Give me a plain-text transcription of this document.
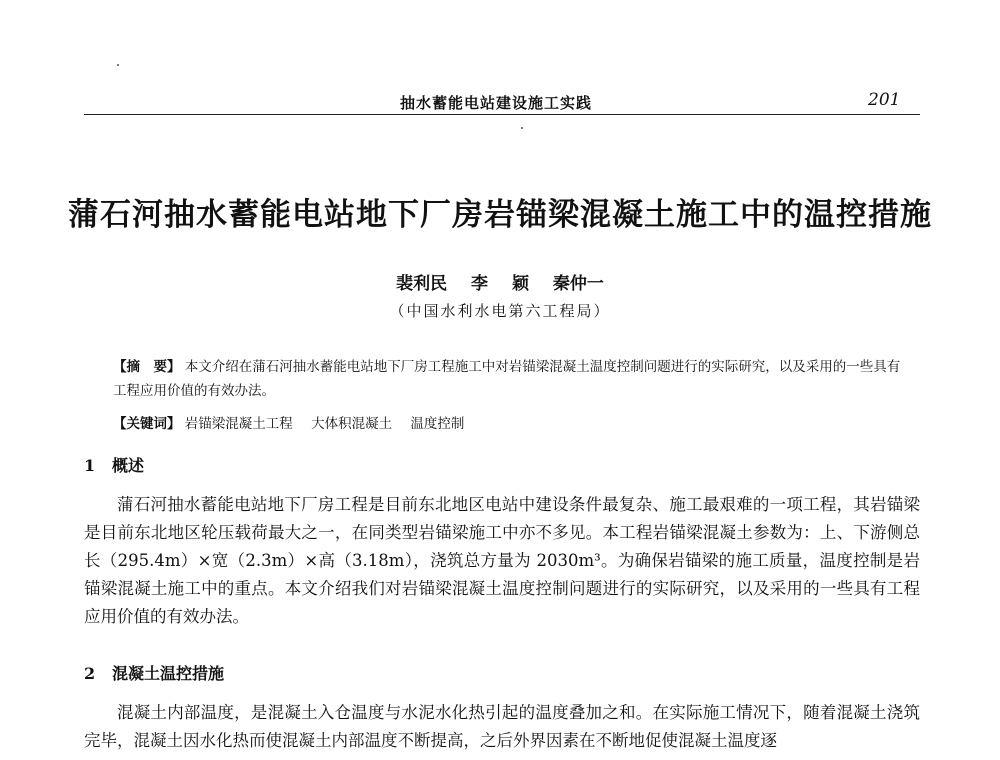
抽水蓄能电站建设施工实践	201
蒲石河抽水蓄能电站地下厂房岩锚梁混凝土施工中的温控措施
裴利民 李 颖 秦仲一
（中国水利水电第六工程局）

【摘　要】 本文介绍在蒲石河抽水蓄能电站地下厂房工程施工中对岩锚梁混凝土温度控制问题进行的实际研究，以及采用的一些具有工程应用价值的有效办法。

【关键词】 岩锚梁混凝土工程 大体积混凝土 温度控制
1 概述

蒲石河抽水蓄能电站地下厂房工程是目前东北地区电站中建设条件最复杂、施工最艰难的一项工程，其岩锚梁是目前东北地区轮压载荷最大之一，在同类型岩锚梁施工中亦不多见。本工程岩锚梁混凝土参数为：上、下游侧总长（295.4m）×宽（2.3m）×高（3.18m），浇筑总方量为 2030m³。为确保岩锚梁的施工质量，温度控制是岩锚梁混凝土施工中的重点。本文介绍我们对岩锚梁混凝土温度控制问题进行的实际研究，以及采用的一些具有工程应用价值的有效办法。

2 混凝土温控措施

混凝土内部温度，是混凝土入仓温度与水泥水化热引起的温度叠加之和。在实际施工情况下，随着混凝土浇筑完毕，混凝土因水化热而使混凝土内部温度不断提高，之后外界因素在不断地促使混凝土温度逐
